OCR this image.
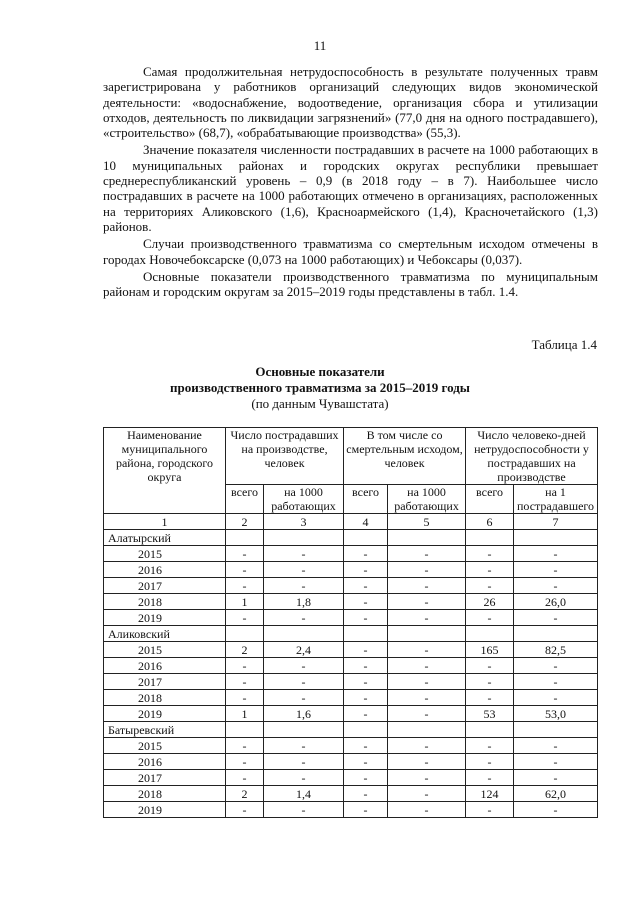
11

Самая продолжительная нетрудоспособность в результате полученных травм зарегистрирована у работников организаций следующих видов экономической деятельности: «водоснабжение, водоотведение, организация сбора и утилизации отходов, деятельность по ликвидации загрязнений» (77,0 дня на одного пострадавшего), «строительство» (68,7), «обрабатывающие производства» (55,3).

Значение показателя численности пострадавших в расчете на 1000 работающих в 10 муниципальных районах и городских округах республики превышает среднереспубликанский уровень – 0,9 (в 2018 году – в 7). Наибольшее число пострадавших в расчете на 1000 работающих отмечено в организациях, расположенных на территориях Аликовского (1,6), Красноармейского (1,4), Красночетайского (1,3) районов.

Случаи производственного травматизма со смертельным исходом отмечены в городах Новочебоксарске (0,073 на 1000 работающих) и Чебоксары (0,037).

Основные показатели производственного травматизма по муниципальным районам и городским округам за 2015–2019 годы представлены в табл. 1.4.

Таблица 1.4
Основные показатели
производственного травматизма за 2015–2019 годы
(по данным Чувашстата)
Наименование муниципального района, городского округа	Число пострадавших на производстве, человек		В том числе со смертельным исходом, человек		Число человеко-дней нетрудоспособности у пострадавших на производстве	
	всего	на 1000 работающих	всего	на 1000 работающих	всего	на 1 пострадавшего
1	2	3	4	5	6	7
Алатырский						
2015	-	-	-	-	-	-
2016	-	-	-	-	-	-
2017	-	-	-	-	-	-
2018	1	1,8	-	-	26	26,0
2019	-	-	-	-	-	-
Аликовский						
2015	2	2,4	-	-	165	82,5
2016	-	-	-	-	-	-
2017	-	-	-	-	-	-
2018	-	-	-	-	-	-
2019	1	1,6	-	-	53	53,0
Батыревский						
2015	-	-	-	-	-	-
2016	-	-	-	-	-	-
2017	-	-	-	-	-	-
2018	2	1,4	-	-	124	62,0
2019	-	-	-	-	-	-
